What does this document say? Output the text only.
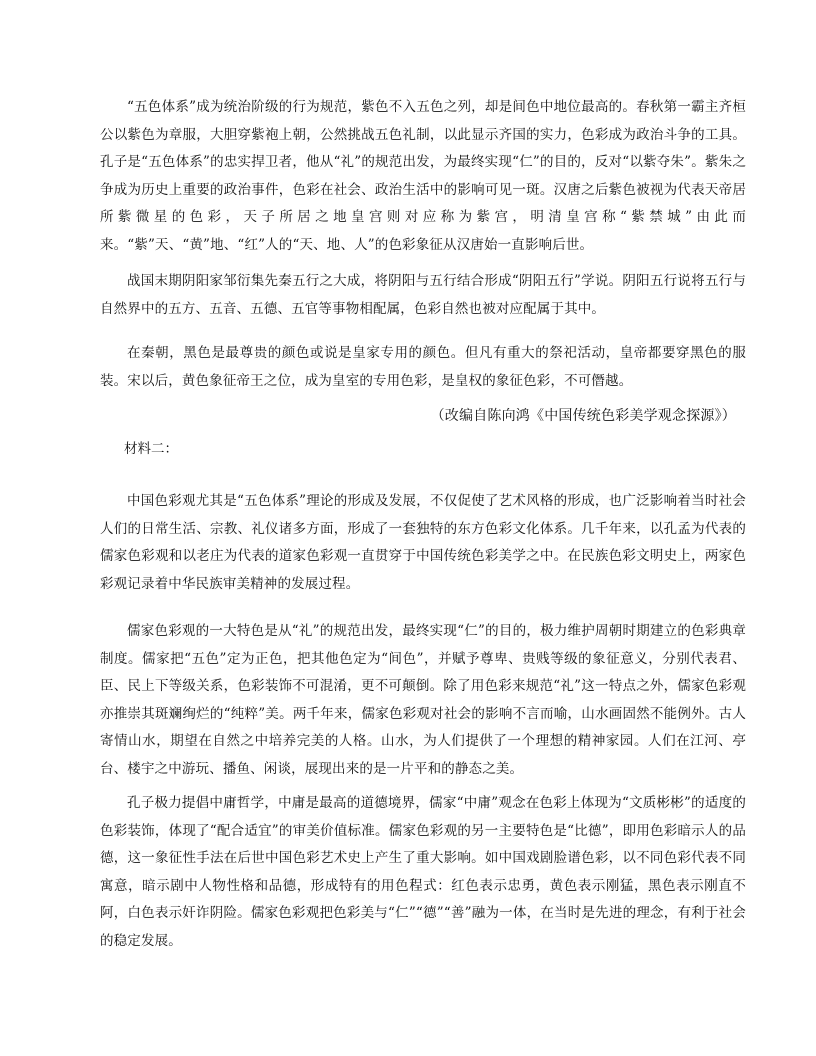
“五色体系”成为统治阶级的行为规范，紫色不入五色之列，却是间色中地位最高的。春秋第一霸主齐桓公以紫色为章服，大胆穿紫袍上朝，公然挑战五色礼制，以此显示齐国的实力，色彩成为政治斗争的工具。孔子是“五色体系”的忠实捍卫者，他从“礼”的规范出发，为最终实现“仁”的目的，反对“以紫夺朱”。紫朱之争成为历史上重要的政治事件，色彩在社会、政治生活中的影响可见一斑。汉唐之后紫色被视为代表天帝居所紫微星的色彩，天子所居之地皇宫则对应称为紫宫，明清皇宫称“紫禁城”由此而来。“紫”天、“黄”地、“红”人的“天、地、人”的色彩象征从汉唐始一直影响后世。

战国末期阴阳家邹衍集先秦五行之大成，将阴阳与五行结合形成“阴阳五行”学说。阴阳五行说将五行与自然界中的五方、五音、五德、五官等事物相配属，色彩自然也被对应配属于其中。

在秦朝，黑色是最尊贵的颜色或说是皇家专用的颜色。但凡有重大的祭祀活动，皇帝都要穿黑色的服装。宋以后，黄色象征帝王之位，成为皇室的专用色彩，是皇权的象征色彩，不可僭越。

（改编自陈向鸿《中国传统色彩美学观念探源》）

材料二：

中国色彩观尤其是“五色体系”理论的形成及发展，不仅促使了艺术风格的形成，也广泛影响着当时社会人们的日常生活、宗教、礼仪诸多方面，形成了一套独特的东方色彩文化体系。几千年来，以孔孟为代表的儒家色彩观和以老庄为代表的道家色彩观一直贯穿于中国传统色彩美学之中。在民族色彩文明史上，两家色彩观记录着中华民族审美精神的发展过程。

儒家色彩观的一大特色是从“礼”的规范出发，最终实现“仁”的目的，极力维护周朝时期建立的色彩典章制度。儒家把“五色”定为正色，把其他色定为“间色”，并赋予尊卑、贵贱等级的象征意义，分别代表君、臣、民上下等级关系，色彩装饰不可混淆，更不可颠倒。除了用色彩来规范“礼”这一特点之外，儒家色彩观亦推崇其斑斓绚烂的“纯粹”美。两千年来，儒家色彩观对社会的影响不言而喻，山水画固然不能例外。古人寄情山水，期望在自然之中培养完美的人格。山水，为人们提供了一个理想的精神家园。人们在江河、亭台、楼宇之中游玩、播鱼、闲谈，展现出来的是一片平和的静态之美。

孔子极力提倡中庸哲学，中庸是最高的道德境界，儒家“中庸”观念在色彩上体现为“文质彬彬”的适度的色彩装饰，体现了“配合适宜”的审美价值标准。儒家色彩观的另一主要特色是“比德”，即用色彩暗示人的品德，这一象征性手法在后世中国色彩艺术史上产生了重大影响。如中国戏剧脸谱色彩，以不同色彩代表不同寓意，暗示剧中人物性格和品德，形成特有的用色程式：红色表示忠勇，黄色表示刚猛，黑色表示刚直不阿，白色表示奸诈阴险。儒家色彩观把色彩美与“仁”“德”“善”融为一体，在当时是先进的理念，有利于社会的稳定发展。
